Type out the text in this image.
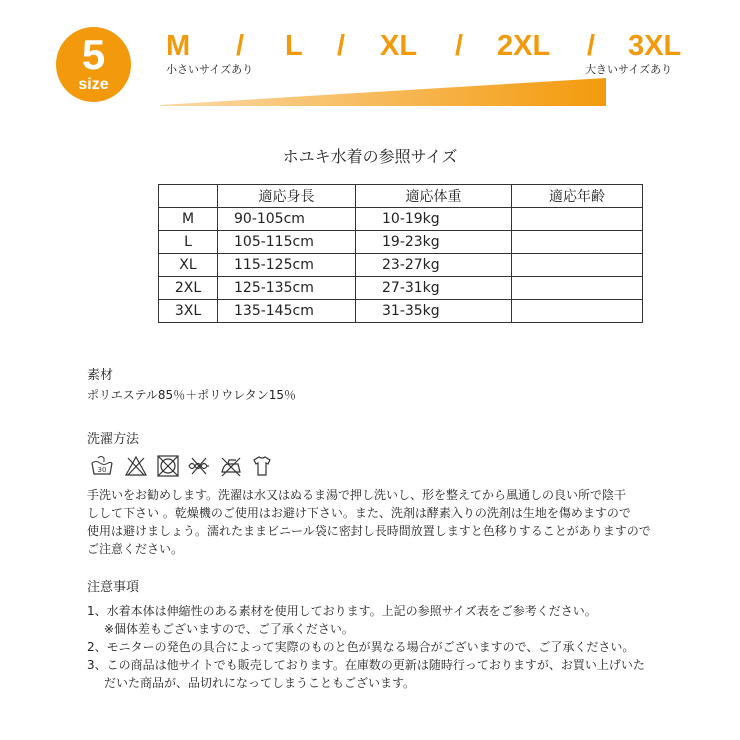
5
size
M / L / XL / 2XL / 3XL
小さいサイズあり	大きいサイズあり
ホユキ水着の参照サイズ
	適応身長	適応体重	適応年齢
M	90-105cm	10-19kg	
L	105-115cm	19-23kg	
XL	115-125cm	23-27kg	
2XL	125-135cm	27-31kg	
3XL	135-145cm	31-35kg	
素材
ポリエステル85％＋ポリウレタン15％
洗濯方法
30
手洗いをお勧めします。洗濯は水又はぬるま湯で押し洗いし、形を整えてから風通しの良い所で陰干
しして下さい 。乾燥機のご使用はお避け下さい。また、洗剤は酵素入りの洗剤は生地を傷めますので
使用は避けましょう。濡れたままビニール袋に密封し長時間放置しますと色移りすることがありますので
ご注意ください。
注意事項
1、水着本体は伸縮性のある素材を使用しております。上記の参照サイズ表をご参考ください。
※個体差もございますので、ご了承ください。
2、モニターの発色の具合によって実際のものと色が異なる場合がございますので、ご了承ください。
3、この商品は他サイトでも販売しております。在庫数の更新は随時行っておりますが、お買い上げいた
だいた商品が、品切れになってしまうこともございます。
